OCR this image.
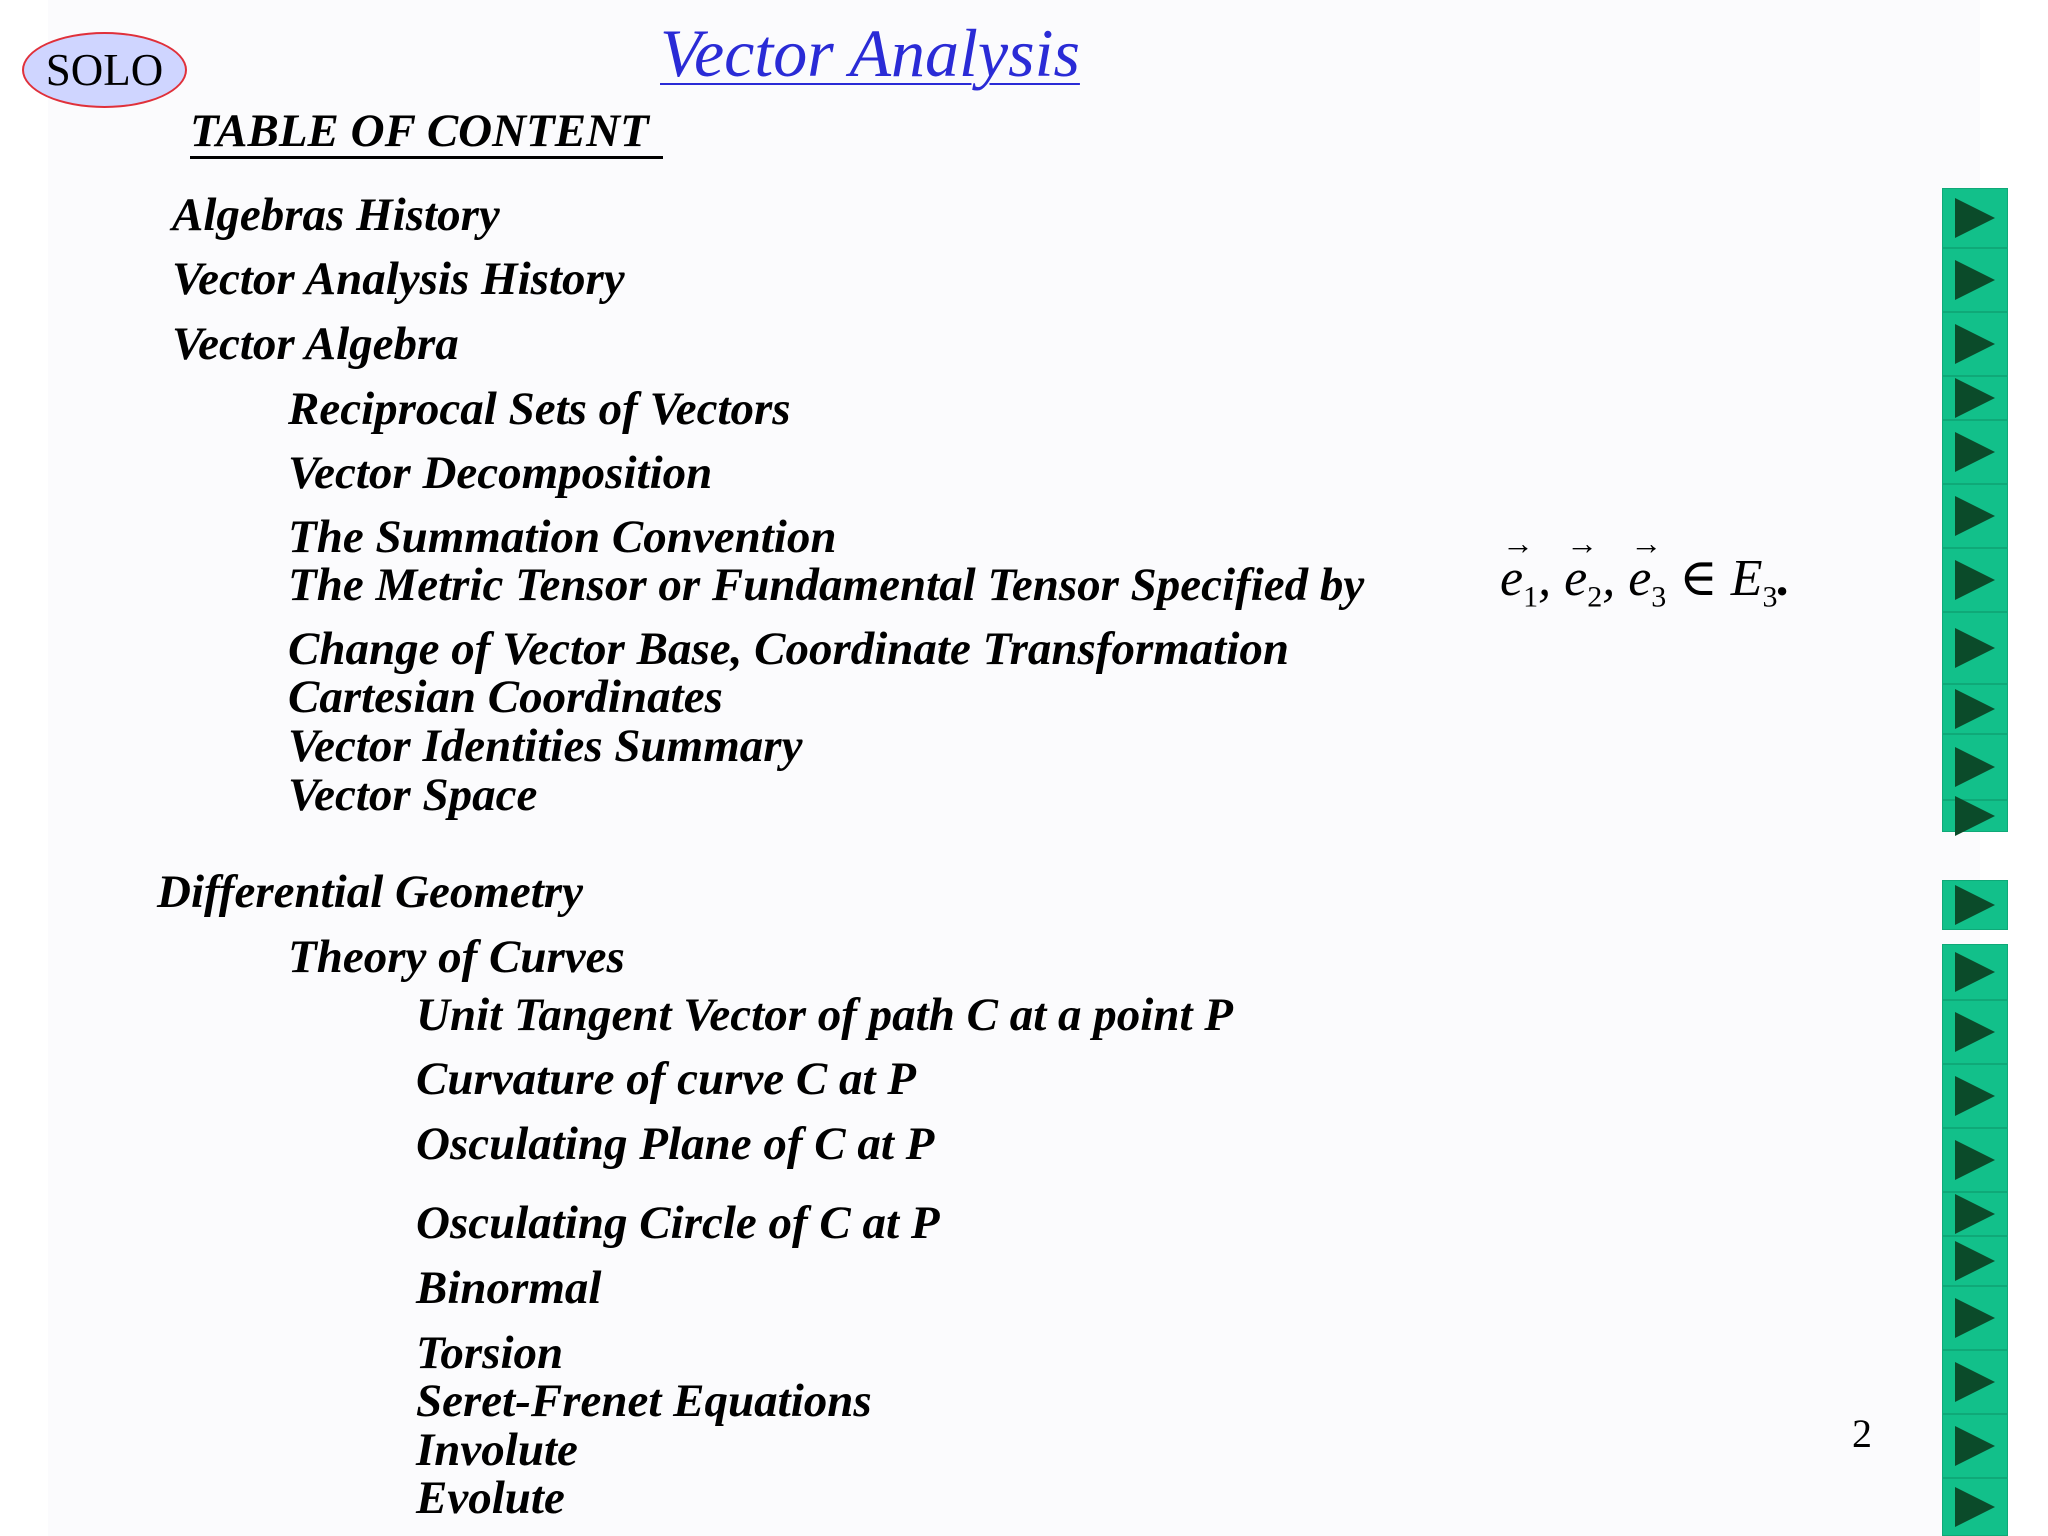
SOLO	Vector Analysis
TABLE OF CONTENT
Algebras History
Vector Analysis History
Vector Algebra
Reciprocal Sets of Vectors
Vector Decomposition
The Summation Convention
The Metric Tensor or Fundamental Tensor Specified by	→ $e_1$, → $e_2$, → $e_3$ ∈ $E_3$.
Change of Vector Base, Coordinate Transformation
Cartesian Coordinates
Vector Identities Summary
Vector Space
Differential Geometry
Theory of Curves
Unit Tangent Vector of path C at a point P
Curvature of curve C at P
Osculating Plane of C at P
Osculating Circle of C at P
Binormal
Torsion
Seret-Frenet Equations
Involute
Evolute
2
